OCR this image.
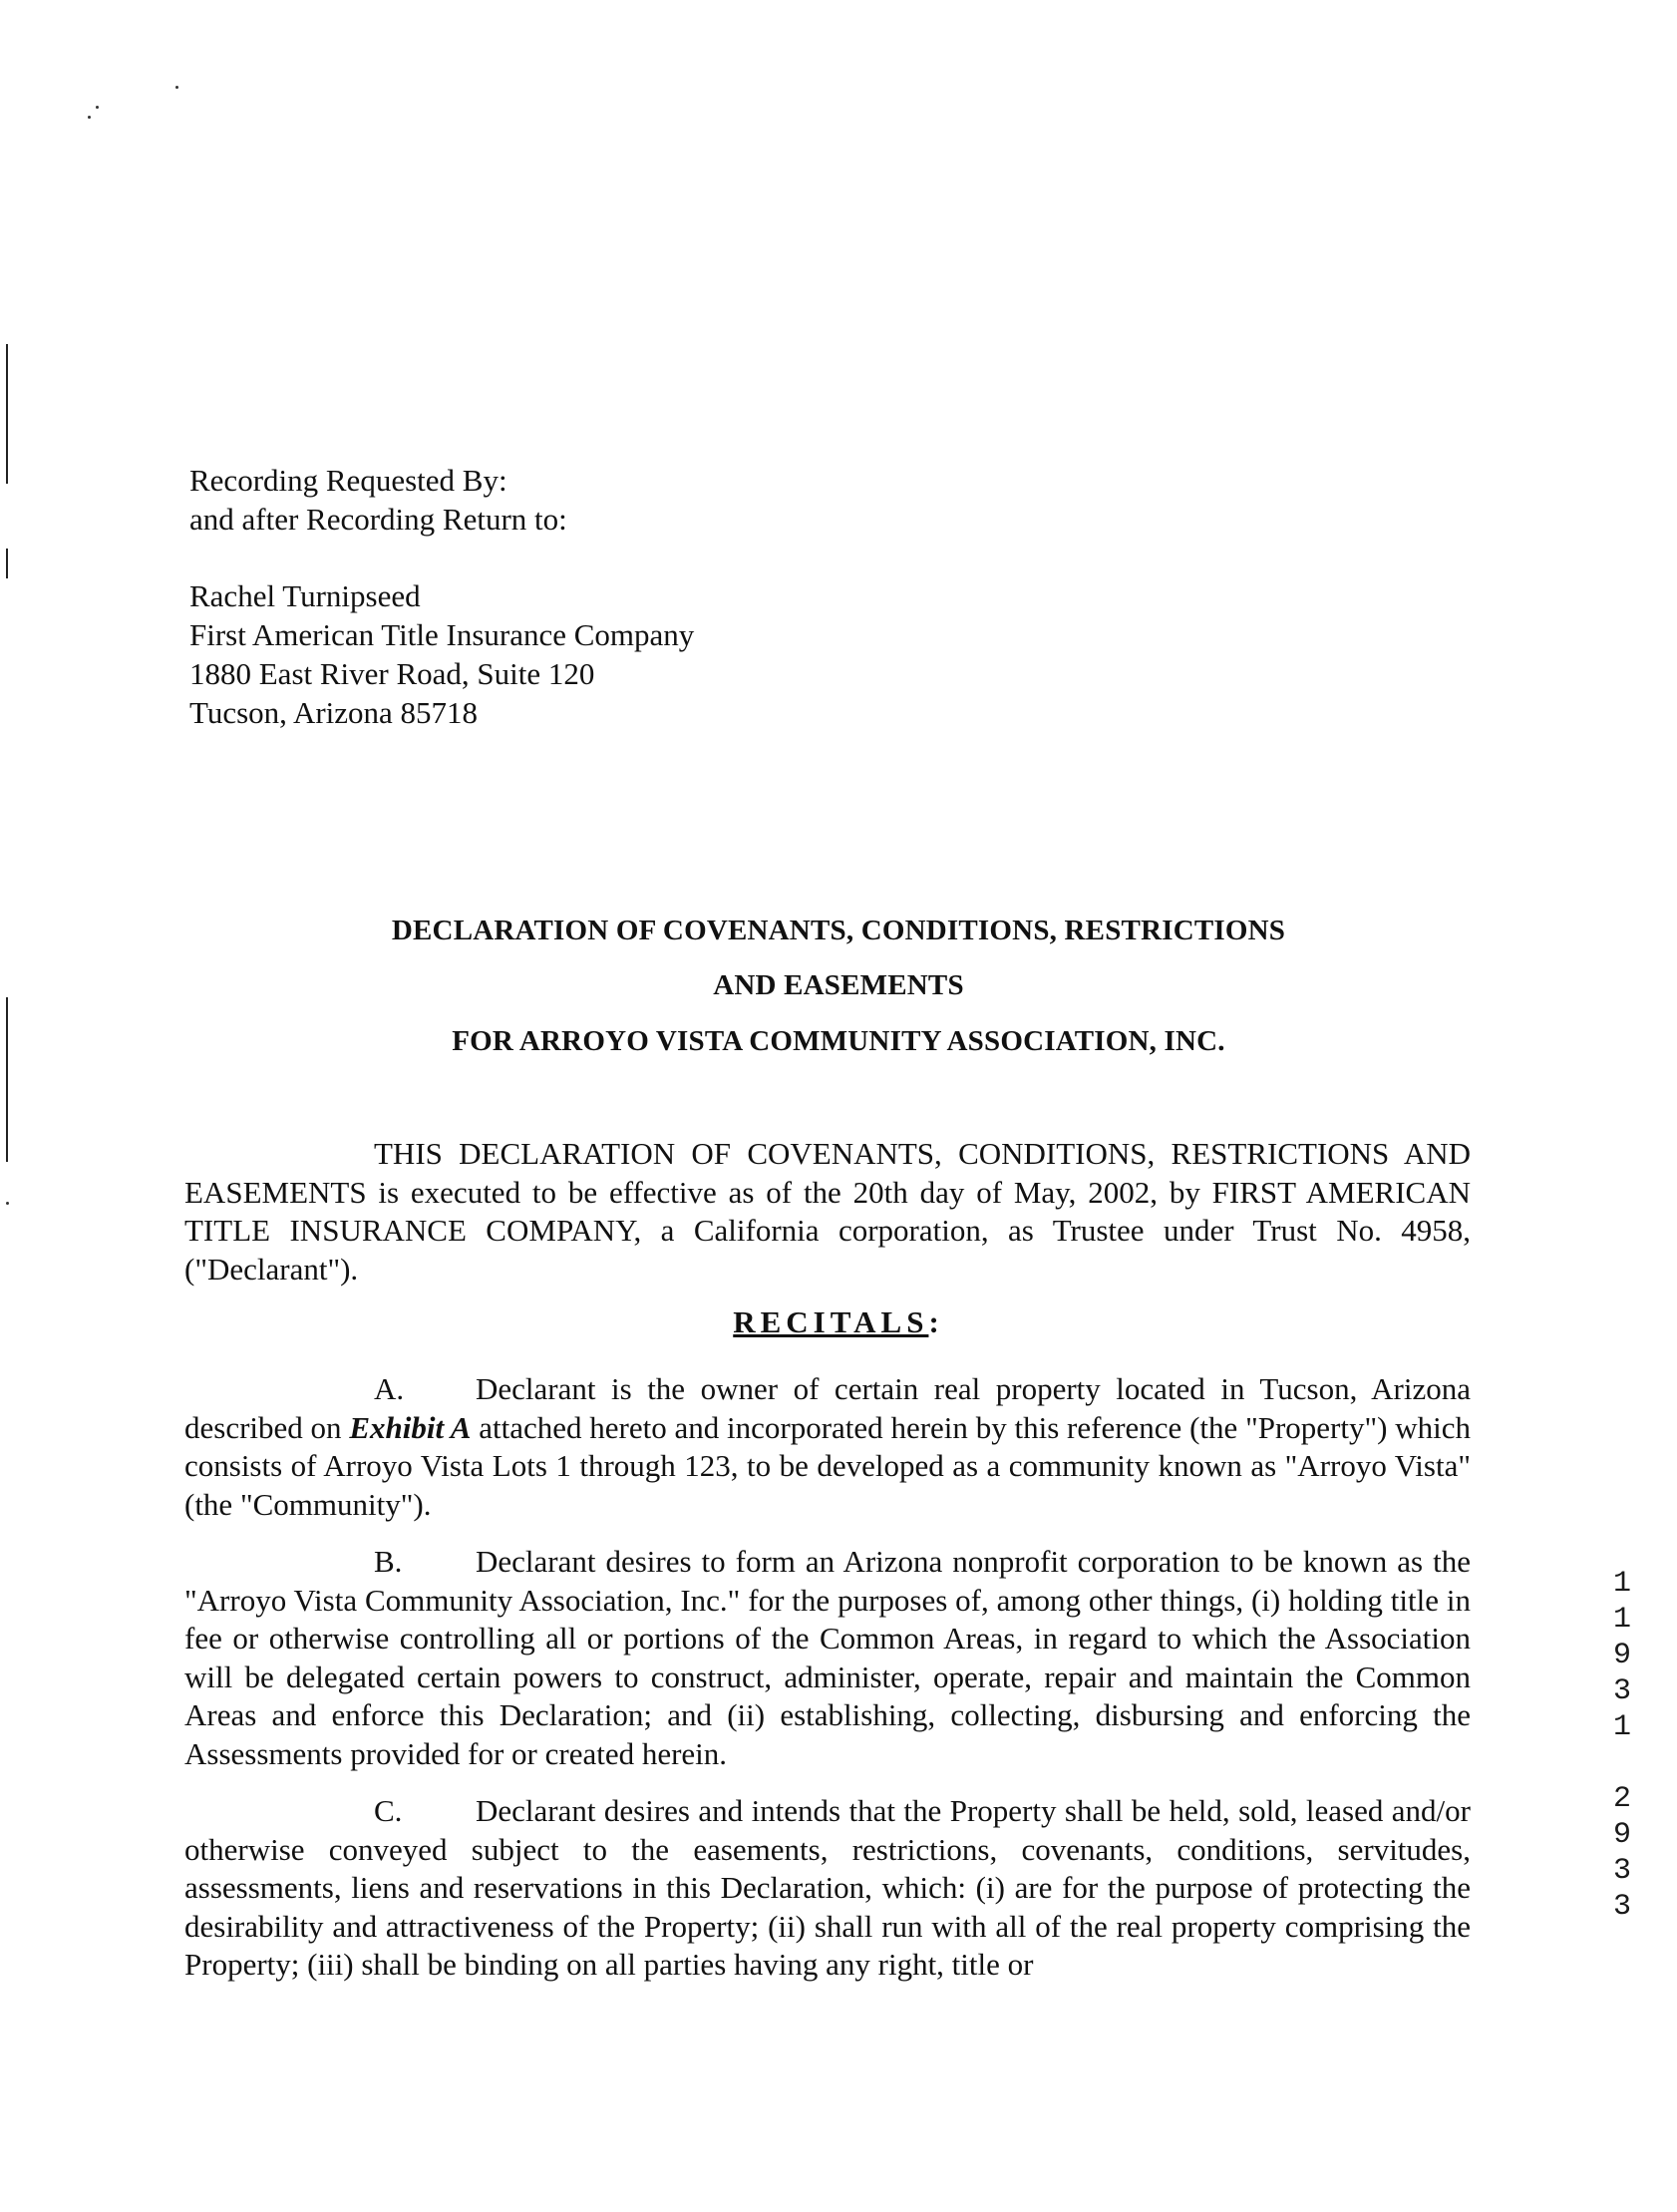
Recording Requested By:
and after Recording Return to:
Rachel Turnipseed
First American Title Insurance Company
1880 East River Road, Suite 120
Tucson, Arizona 85718
DECLARATION OF COVENANTS, CONDITIONS, RESTRICTIONS
AND EASEMENTS
FOR ARROYO VISTA COMMUNITY ASSOCIATION, INC.
THIS DECLARATION OF COVENANTS, CONDITIONS, RESTRICTIONS AND EASEMENTS is executed to be effective as of the 20th day of May, 2002, by FIRST AMERICAN TITLE INSURANCE COMPANY, a California corporation, as Trustee under Trust No. 4958, ("Declarant").
RECITALS:
A. Declarant is the owner of certain real property located in Tucson, Arizona described on Exhibit A attached hereto and incorporated herein by this reference (the "Property") which consists of Arroyo Vista Lots 1 through 123, to be developed as a community known as "Arroyo Vista" (the "Community").
B. Declarant desires to form an Arizona nonprofit corporation to be known as the "Arroyo Vista Community Association, Inc." for the purposes of, among other things, (i) holding title in fee or otherwise controlling all or portions of the Common Areas, in regard to which the Association will be delegated certain powers to construct, administer, operate, repair and maintain the Common Areas and enforce this Declaration; and (ii) establishing, collecting, disbursing and enforcing the Assessments provided for or created herein.
C. Declarant desires and intends that the Property shall be held, sold, leased and/or otherwise conveyed subject to the easements, restrictions, covenants, conditions, servitudes, assessments, liens and reservations in this Declaration, which: (i) are for the purpose of protecting the desirability and attractiveness of the Property; (ii) shall run with all of the real property comprising the Property; (iii) shall be binding on all parties having any right, title or
1
1
9
3
1
2
9
3
3
